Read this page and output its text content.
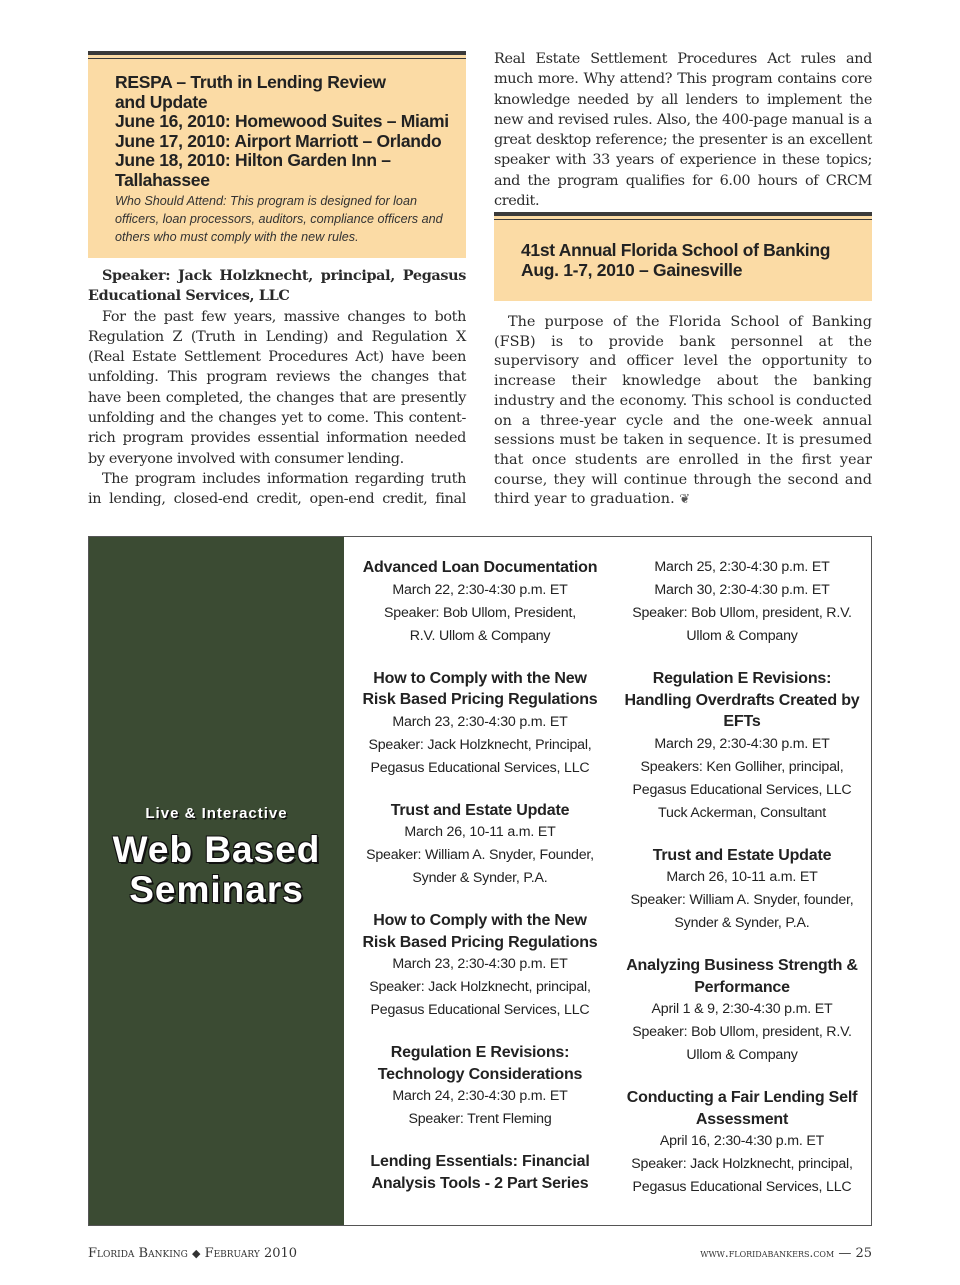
RESPA – Truth in Lending Review
and Update
June 16, 2010: Homewood Suites – Miami
June 17, 2010: Airport Marriott – Orlando
June 18, 2010: Hilton Garden Inn –
Tallahassee
Who Should Attend: This program is designed for loan officers, loan processors, auditors, compliance officers and others who must comply with the new rules.

Speaker: Jack Holzknecht, principal, Pegasus Educational Services, LLC

For the past few years, massive changes to both Regulation Z (Truth in Lending) and Regulation X (Real Estate Settlement Procedures Act) have been unfolding. This program reviews the changes that have been completed, the changes that are presently unfolding and the changes yet to come. This content-rich program provides essential information needed by everyone involved with consumer lending.

The program includes information regarding truth in lending, closed-end credit, open-end credit, final

Real Estate Settlement Procedures Act rules and much more. Why attend? This program contains core knowledge needed by all lenders to implement the new and revised rules. Also, the 400-page manual is a great desktop reference; the presenter is an excellent speaker with 33 years of experience in these topics; and the program qualifies for 6.00 hours of CRCM credit.

41st Annual Florida School of Banking
Aug. 1-7, 2010 – Gainesville

The purpose of the Florida School of Banking (FSB) is to provide bank personnel at the supervisory and officer level the opportunity to increase their knowledge about the banking industry and the economy. This school is conducted on a three-year cycle and the one-week annual sessions must be taken in sequence. It is presumed that once students are enrolled in the first year course, they will continue through the second and third year to graduation. ❦

Live & Interactive
Web Based
Seminars
Advanced Loan Documentation
March 22, 2:30-4:30 p.m. ET
Speaker: Bob Ullom, President,
R.V. Ullom & Company
How to Comply with the New
Risk Based Pricing Regulations
March 23, 2:30-4:30 p.m. ET
Speaker: Jack Holzknecht, Principal,
Pegasus Educational Services, LLC
Trust and Estate Update
March 26, 10-11 a.m. ET
Speaker: William A. Snyder, Founder,
Synder & Synder, P.A.
How to Comply with the New
Risk Based Pricing Regulations
March 23, 2:30-4:30 p.m. ET
Speaker: Jack Holzknecht, principal,
Pegasus Educational Services, LLC
Regulation E Revisions:
Technology Considerations
March 24, 2:30-4:30 p.m. ET
Speaker: Trent Fleming
Lending Essentials: Financial
Analysis Tools - 2 Part Series
March 25, 2:30-4:30 p.m. ET
March 30, 2:30-4:30 p.m. ET
Speaker: Bob Ullom, president, R.V.
Ullom & Company
Regulation E Revisions:
Handling Overdrafts Created by
EFTs
March 29, 2:30-4:30 p.m. ET
Speakers: Ken Golliher, principal,
Pegasus Educational Services, LLC
Tuck Ackerman, Consultant
Trust and Estate Update
March 26, 10-11 a.m. ET
Speaker: William A. Snyder, founder,
Synder & Synder, P.A.
Analyzing Business Strength &
Performance
April 1 & 9, 2:30-4:30 p.m. ET
Speaker: Bob Ullom, president, R.V.
Ullom & Company
Conducting a Fair Lending Self
Assessment
April 16, 2:30-4:30 p.m. ET
Speaker: Jack Holzknecht, principal,
Pegasus Educational Services, LLC
Florida Banking ◆ February 2010	www.floridabankers.com — 25
